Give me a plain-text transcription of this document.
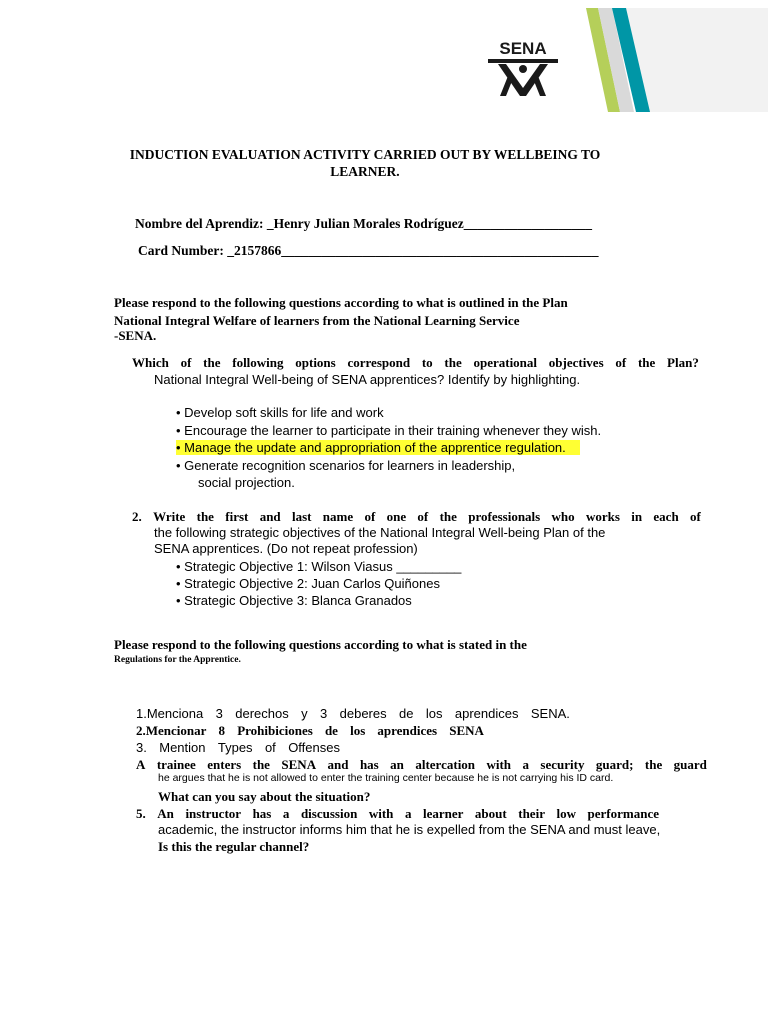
SENA
INDUCTION EVALUATION ACTIVITY CARRIED OUT BY WELLBEING TO
LEARNER.
Nombre del Aprendiz: _Henry Julian Morales Rodríguez___________________
Card Number: _2157866_______________________________________________
Please respond to the following questions according to what is outlined in the Plan
National Integral Welfare of learners from the National Learning Service
-SENA.
Which of the following options correspond to the operational objectives of the Plan?
National Integral Well-being of SENA apprentices? Identify by highlighting.
• Develop soft skills for life and work
• Encourage the learner to participate in their training whenever they wish.
• Manage the update and appropriation of the apprentice regulation.
• Generate recognition scenarios for learners in leadership,
social projection.
2. Write the first and last name of one of the professionals who works in each of
the following strategic objectives of the National Integral Well-being Plan of the
SENA apprentices. (Do not repeat profession)
• Strategic Objective 1: Wilson Viasus _________
• Strategic Objective 2: Juan Carlos Quiñones
• Strategic Objective 3: Blanca Granados
Please respond to the following questions according to what is stated in the
Regulations for the Apprentice.
1.Menciona 3 derechos y 3 deberes de los aprendices SENA.
2.Mencionar 8 Prohibiciones de los aprendices SENA
3. Mention Types of Offenses
A trainee enters the SENA and has an altercation with a security guard; the guard
he argues that he is not allowed to enter the training center because he is not carrying his ID card.
What can you say about the situation?
5. An instructor has a discussion with a learner about their low performance
academic, the instructor informs him that he is expelled from the SENA and must leave,
Is this the regular channel?
